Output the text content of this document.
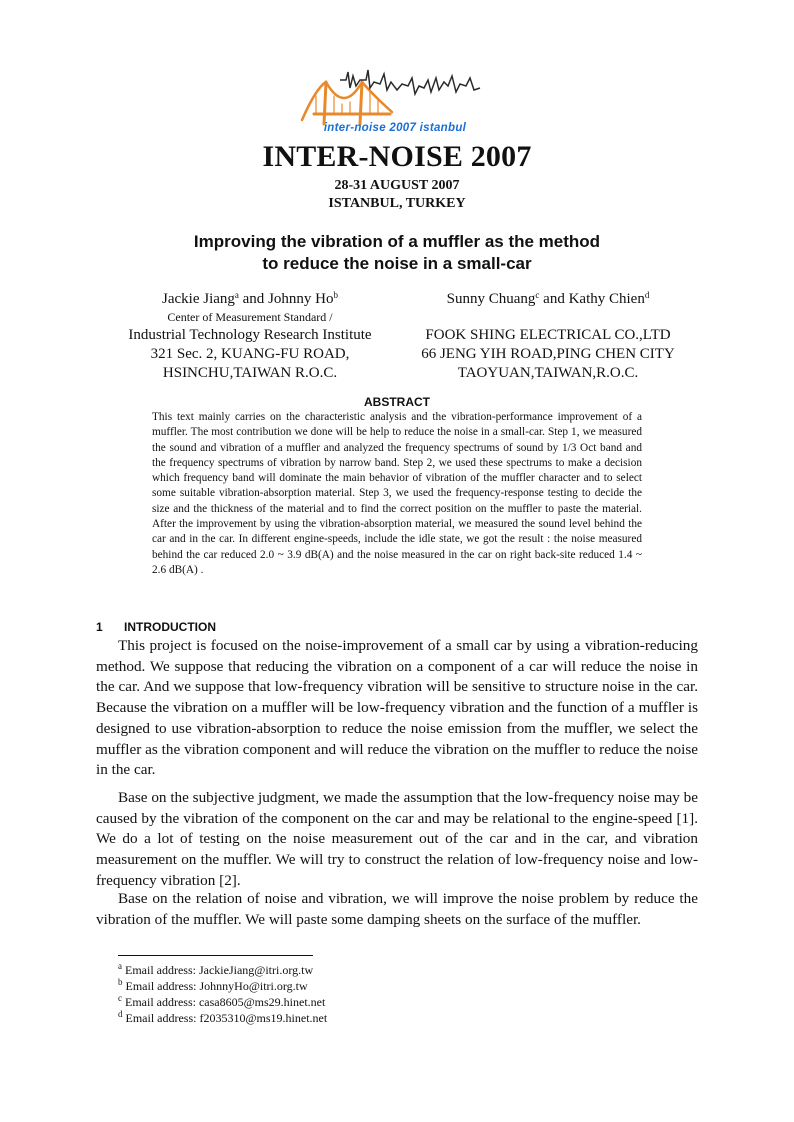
inter-noise 2007 istanbul
INTER-NOISE 2007
28-31 AUGUST 2007
ISTANBUL, TURKEY
Improving the vibration of a muffler as the method
to reduce the noise in a small-car
Jackie Jiang$^a$ and Johnny Ho$^b$
Center of Measurement Standard /
Industrial Technology Research Institute
321 Sec. 2, KUANG-FU ROAD,
HSINCHU,TAIWAN R.O.C.
Sunny Chuang$^c$ and Kathy Chien$^d$
FOOK SHING ELECTRICAL CO.,LTD
66 JENG YIH ROAD,PING CHEN CITY
TAOYUAN,TAIWAN,R.O.C.
ABSTRACT
This text mainly carries on the characteristic analysis and the vibration-performance improvement of a muffler. The most contribution we done will be help to reduce the noise in a small-car. Step 1, we measured the sound and vibration of a muffler and analyzed the frequency spectrums of sound by 1/3 Oct band and the frequency spectrums of vibration by narrow band. Step 2, we used these spectrums to make a decision which frequency band will dominate the main behavior of vibration of the muffler character and to select some suitable vibration-absorption material. Step 3, we used the frequency-response testing to decide the size and the thickness of the material and to find the correct position on the muffler to paste the material. After the improvement by using the vibration-absorption material, we measured the sound level behind the car and in the car. In different engine-speeds, include the idle state, we got the result : the noise measured behind the car reduced 2.0 ~ 3.9 dB(A) and the noise measured in the car on right back-site reduced 1.4 ~ 2.6 dB(A) .
1 INTRODUCTION

This project is focused on the noise-improvement of a small car by using a vibration-reducing method. We suppose that reducing the vibration on a component of a car will reduce the noise in the car. And we suppose that low-frequency vibration will be sensitive to structure noise in the car. Because the vibration on a muffler will be low-frequency vibration and the function of a muffler is designed to use vibration-absorption to reduce the noise emission from the muffler, we select the muffler as the vibration component and will reduce the vibration on the muffler to reduce the noise in the car.

Base on the subjective judgment, we made the assumption that the low-frequency noise may be caused by the vibration of the component on the car and may be relational to the engine-speed [1]. We do a lot of testing on the noise measurement out of the car and in the car, and vibration measurement on the muffler. We will try to construct the relation of low-frequency noise and low-frequency vibration [2].

Base on the relation of noise and vibration, we will improve the noise problem by reduce the vibration of the muffler. We will paste some damping sheets on the surface of the muffler.

$^a$ Email address: JackieJiang@itri.org.tw
$^b$ Email address: JohnnyHo@itri.org.tw
$^c$ Email address: casa8605@ms29.hinet.net
$^d$ Email address: f2035310@ms19.hinet.net
